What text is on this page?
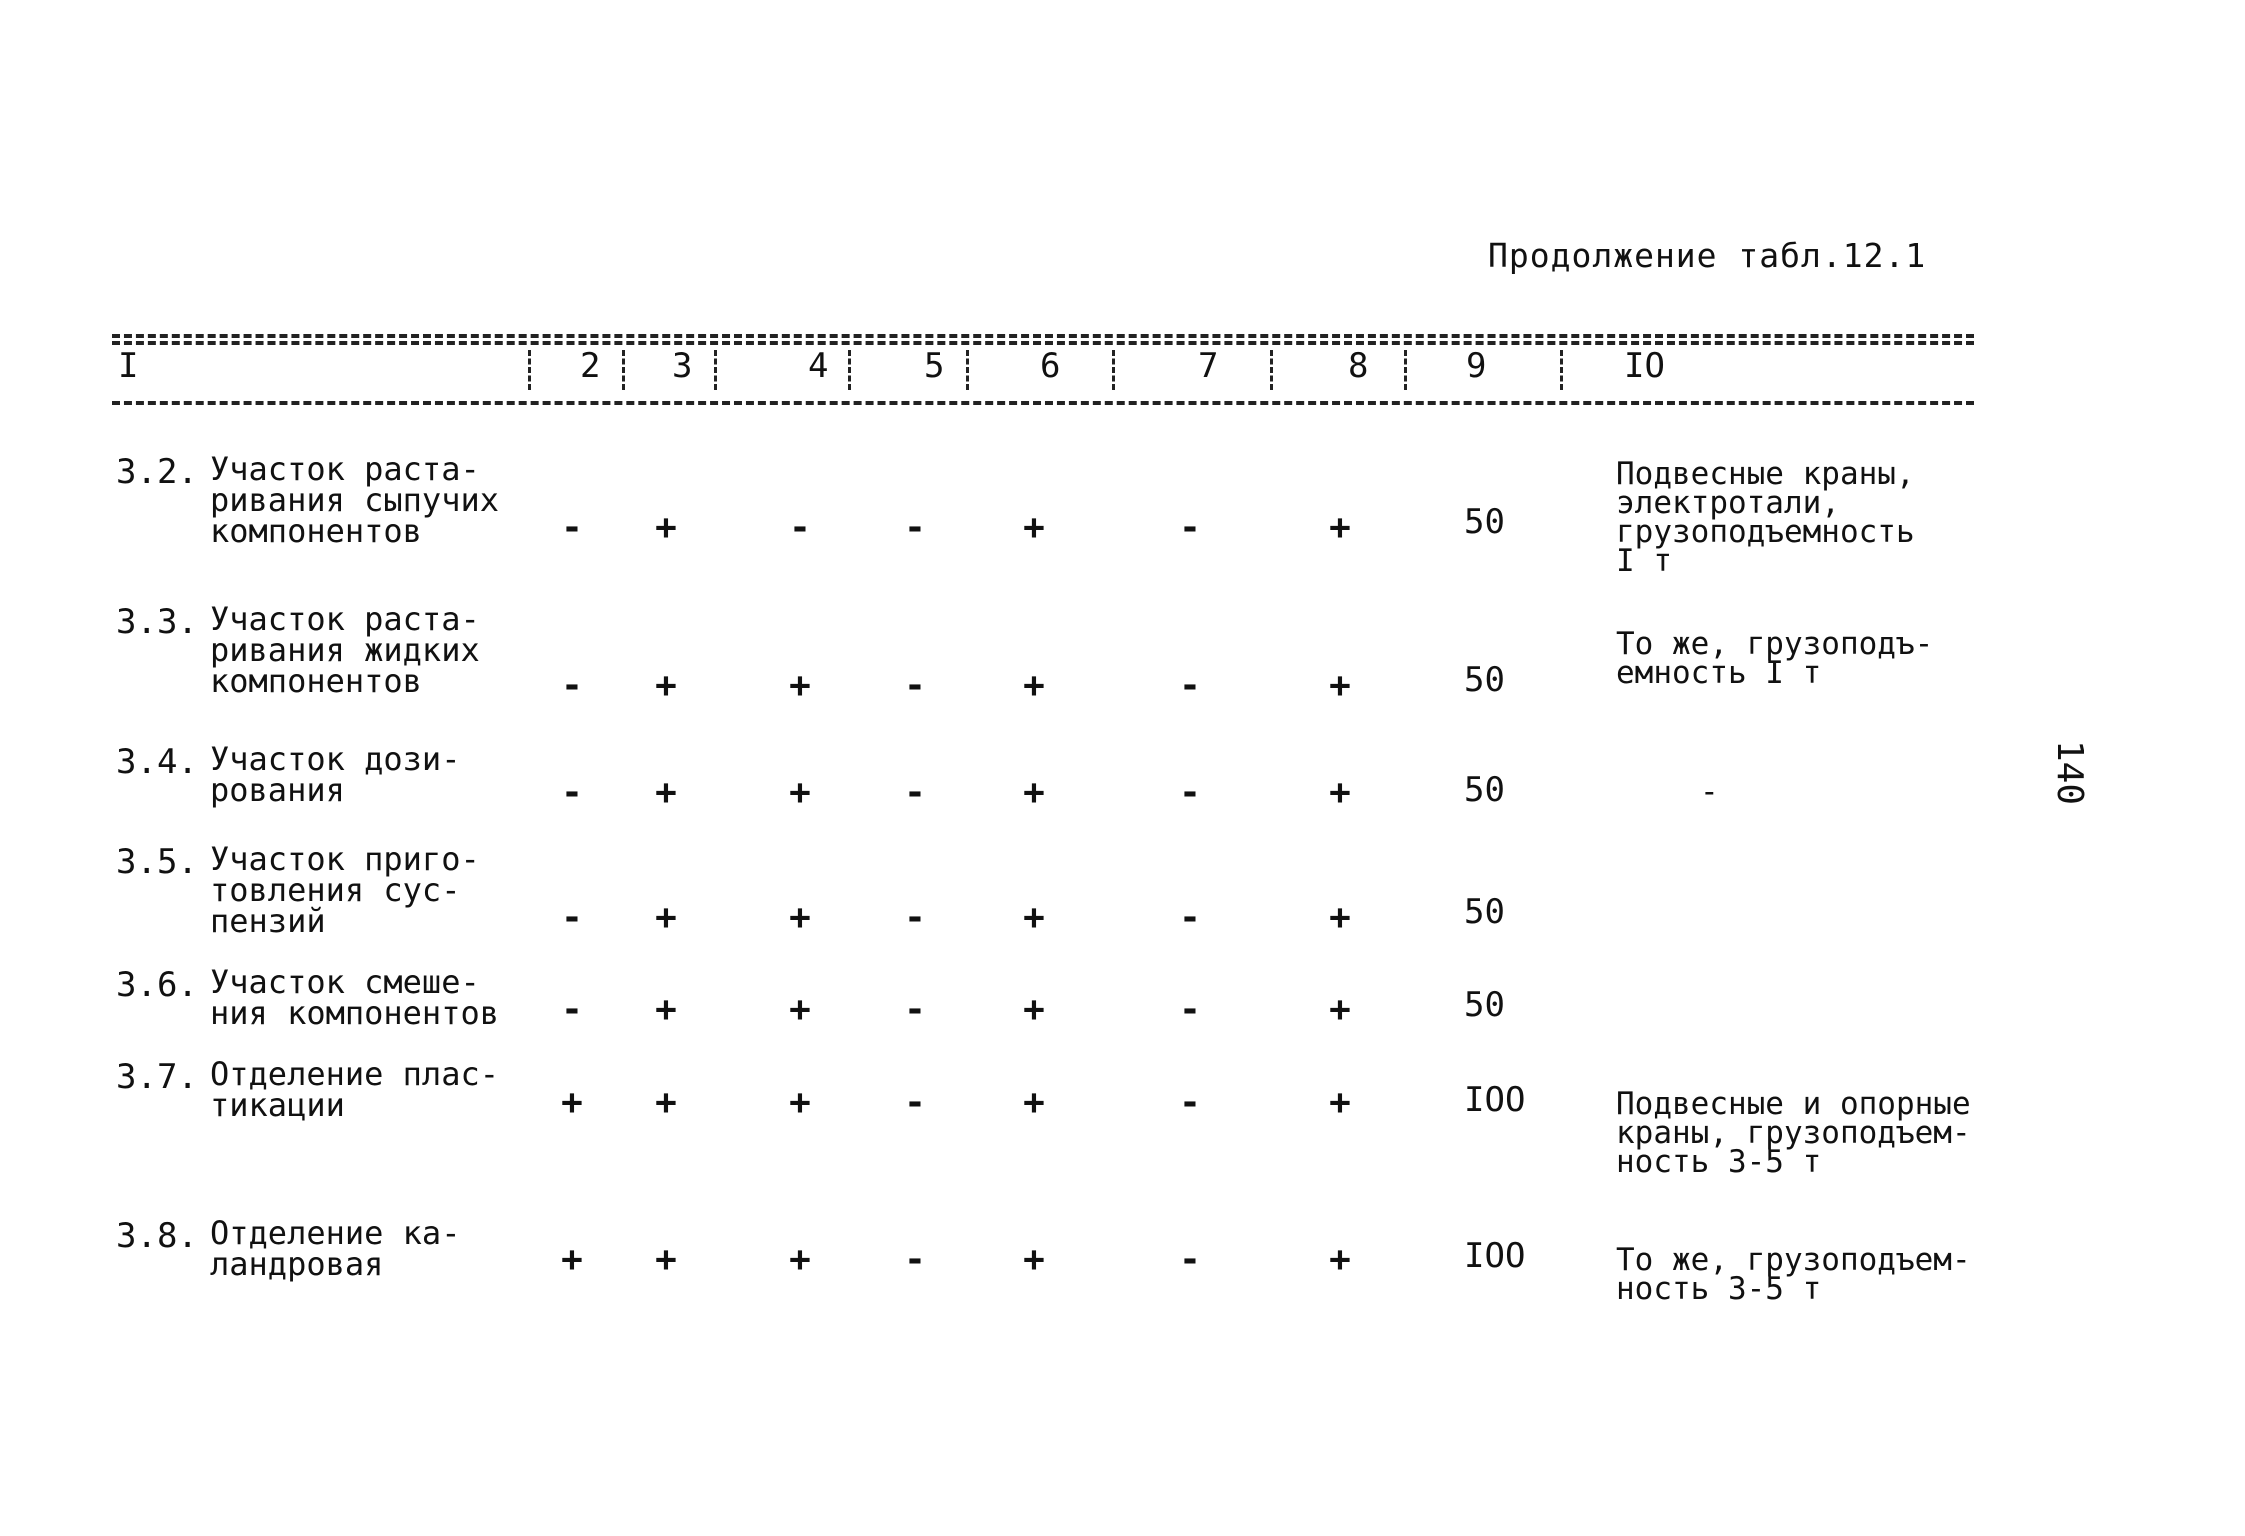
Продолжение табл.12.1
I	2 3	4	5	6	7	8	9	IO
3.2. Участок раста-
ривания сыпучих
компонентов	- +	-	-	+	-	+	50
Подвесные краны,
электротали,
грузоподъемность
I т
3.3. Участок раста-
ривания жидких
компонентов	- +	+	-	+	-	+	50
То же, грузоподъ-
емность I т
3.4. Участок дози-
рования	- +	+	-	+	-	+	50	-
3.5. Участок приго-
товления сус-
пензий	- +	+	-	+	-	+	50
3.6. Участок смеше-
ния компонентов - +	+	-	+	-	+	50
3.7. Отделение плас-
тикации	+ +	+	-	+	-	+	IOO	Подвесные и опорные
краны, грузоподъем-
ность 3-5 т
3.8. Отделение ка-
ландровая	+ +	+	-	+	-	+	IOO	То же, грузоподъем-
ность 3-5 т
140
